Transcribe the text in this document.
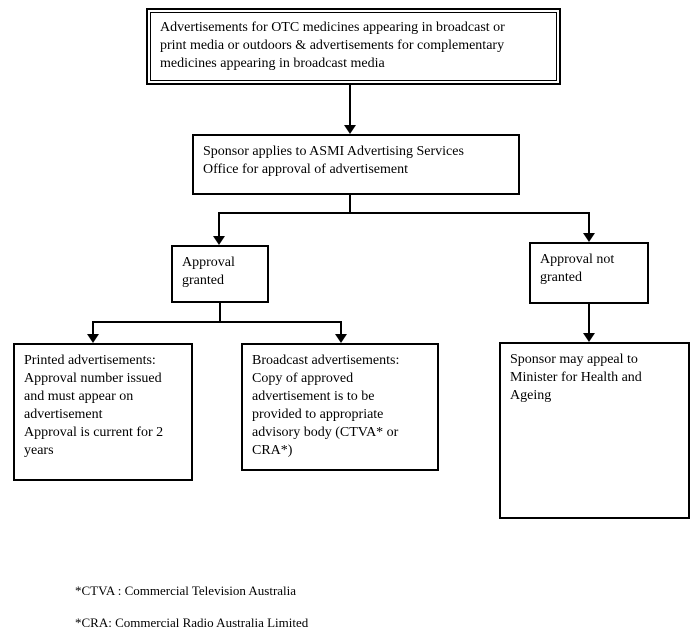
Advertisements for OTC medicines appearing in broadcast or
print media or outdoors & advertisements for complementary
medicines appearing in broadcast media
Sponsor applies to ASMI Advertising Services
Office for approval of advertisement
Approval
granted
Approval not
granted
Printed advertisements:
Approval number issued
and must appear on
advertisement
Approval is current for 2
years
Broadcast advertisements:
Copy of approved
advertisement is to be
provided to appropriate
advisory body (CTVA* or
CRA*)
Sponsor may appeal to
Minister for Health and
Ageing
*CTVA : Commercial Television Australia
*CRA: Commercial Radio Australia Limited
